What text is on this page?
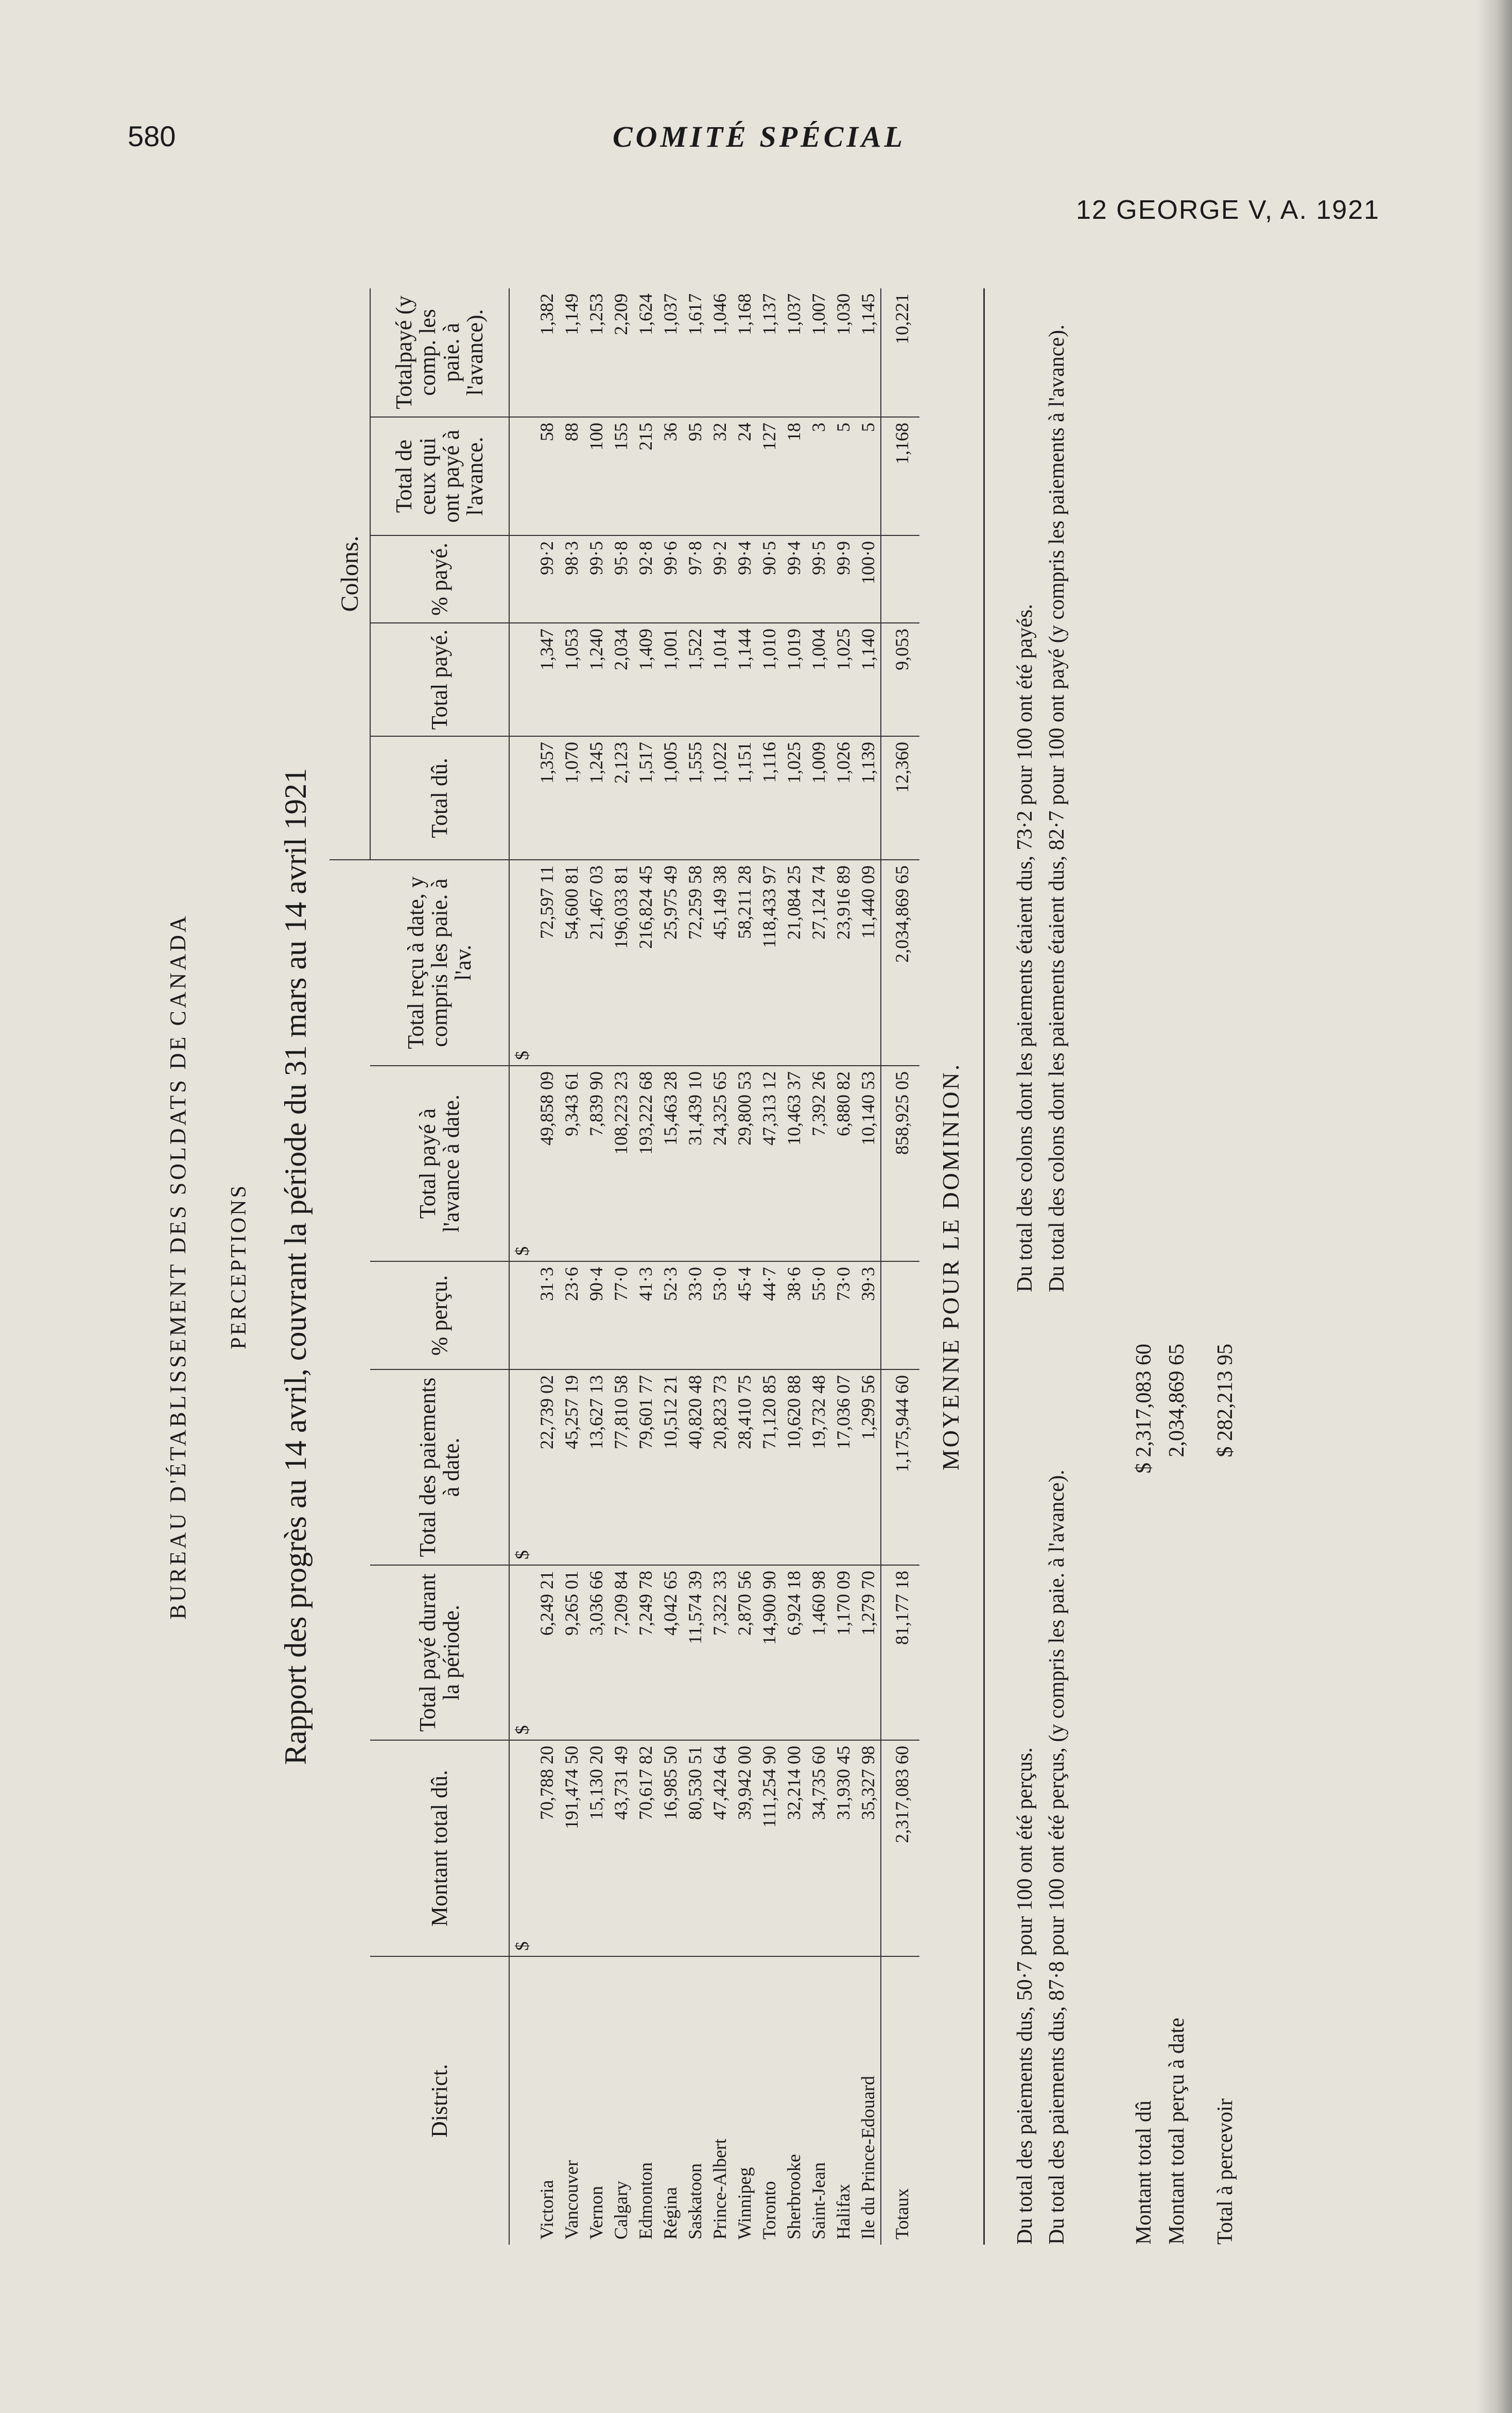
580	COMITÉ SPÉCIAL
12 GEORGE V, A. 1921
BUREAU D'ÉTABLISSEMENT DES SOLDATS DE CANADA PERCEPTIONS Rapport des progrès au 14 avril, couvrant la période du 31 mars au 14 avril 1921
							Colons.				
District.	Montant total dû.	Total payé durant la période.	Total des paiements à date.	% perçu.	Total payé à l'avance à date.	Total reçu à date, y compris les paie. à l'av.	Total dû.	Total payé.	% payé.	Total de ceux qui ont payé à l'avance.	Totalpayé (y comp. les paie. à l'avance).
	$	$	$		$	$					
Victoria	70,788 20	6,249 21	22,739 02	31·3	49,858 09	72,597 11	1,357	1,347	99·2	58	1,382
Vancouver	191,474 50	9,265 01	45,257 19	23·6	9,343 61	54,600 81	1,070	1,053	98·3	88	1,149
Vernon	15,130 20	3,036 66	13,627 13	90·4	7,839 90	21,467 03	1,245	1,240	99·5	100	1,253
Calgary	43,731 49	7,209 84	77,810 58	77·0	108,223 23	196,033 81	2,123	2,034	95·8	155	2,209
Edmonton	70,617 82	7,249 78	79,601 77	41·3	193,222 68	216,824 45	1,517	1,409	92·8	215	1,624
Régina	16,985 50	4,042 65	10,512 21	52·3	15,463 28	25,975 49	1,005	1,001	99·6	36	1,037
Saskatoon	80,530 51	11,574 39	40,820 48	33·0	31,439 10	72,259 58	1,555	1,522	97·8	95	1,617
Prince-Albert	47,424 64	7,322 33	20,823 73	53·0	24,325 65	45,149 38	1,022	1,014	99·2	32	1,046
Winnipeg	39,942 00	2,870 56	28,410 75	45·4	29,800 53	58,211 28	1,151	1,144	99·4	24	1,168
Toronto	111,254 90	14,900 90	71,120 85	44·7	47,313 12	118,433 97	1,116	1,010	90·5	127	1,137
Sherbrooke	32,214 00	6,924 18	10,620 88	38·6	10,463 37	21,084 25	1,025	1,019	99·4	18	1,037
Saint-Jean	34,735 60	1,460 98	19,732 48	55·0	7,392 26	27,124 74	1,009	1,004	99·5	3	1,007
Halifax	31,930 45	1,170 09	17,036 07	73·0	6,880 82	23,916 89	1,026	1,025	99·9	5	1,030
Ile du Prince-Edouard	35,327 98	1,279 70	1,299 56	39·3	10,140 53	11,440 09	1,139	1,140	100·0	5	1,145
Totaux	2,317,083 60	81,177 18	1,175,944 60		858,925 05	2,034,869 65	12,360	9,053		1,168	10,221
MOYENNE POUR LE DOMINION.
Du total des paiements dus, 50·7 pour 100 ont été perçus. Du total des paiements dus, 87·8 pour 100 ont été perçus, (y compris les paie. à l'avance).
Du total des colons dont les paiements étaient dus, 73·2 pour 100 ont été payés. Du total des colons dont les paiements étaient dus, 82·7 pour 100 ont payé (y compris les paiements à l'avance).
Montant total dû
$ 2,317,083 60
Montant total perçu à date
2,034,869 65
Total à percevoir
$ 282,213 95
